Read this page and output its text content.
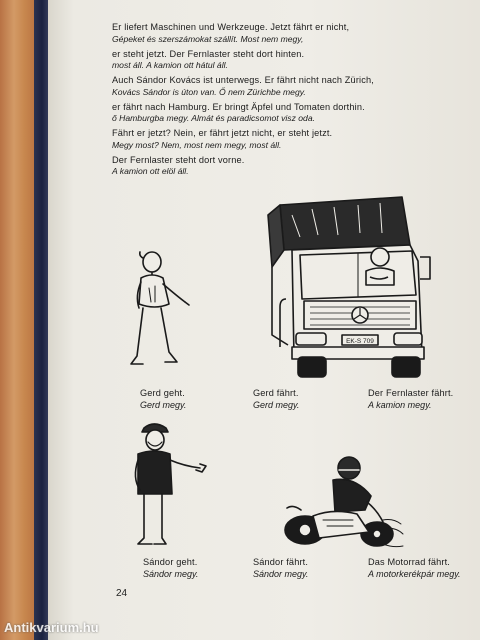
Er liefert Maschinen und Werkzeuge. Jetzt fährt er nicht,
Gépeket és szerszámokat szállít. Most nem megy,
er steht jetzt. Der Fernlaster steht dort hinten.
most áll. A kamion ott hátul áll.
Auch Sándor Kovács ist unterwegs. Er fährt nicht nach Zürich,
Kovács Sándor is úton van. Ő nem Zürichbe megy.
er fährt nach Hamburg. Er bringt Äpfel und Tomaten dorthin.
ő Hamburgba megy. Almát és paradicsomot visz oda.
Fährt er jetzt? Nein, er fährt jetzt nicht, er steht jetzt.
Megy most? Nem, most nem megy, most áll.
Der Fernlaster steht dort vorne.
A kamion ott elöl áll.
EK-S 709
Gerd geht.
Gerd megy.
Gerd fährt.
Gerd megy.
Der Fernlaster fährt.
A kamion megy.
Sándor geht.
Sándor megy.
Sándor fährt.
Sándor megy.
Das Motorrad fährt.
A motorkerékpár megy.
24
Antikvarium.hu
